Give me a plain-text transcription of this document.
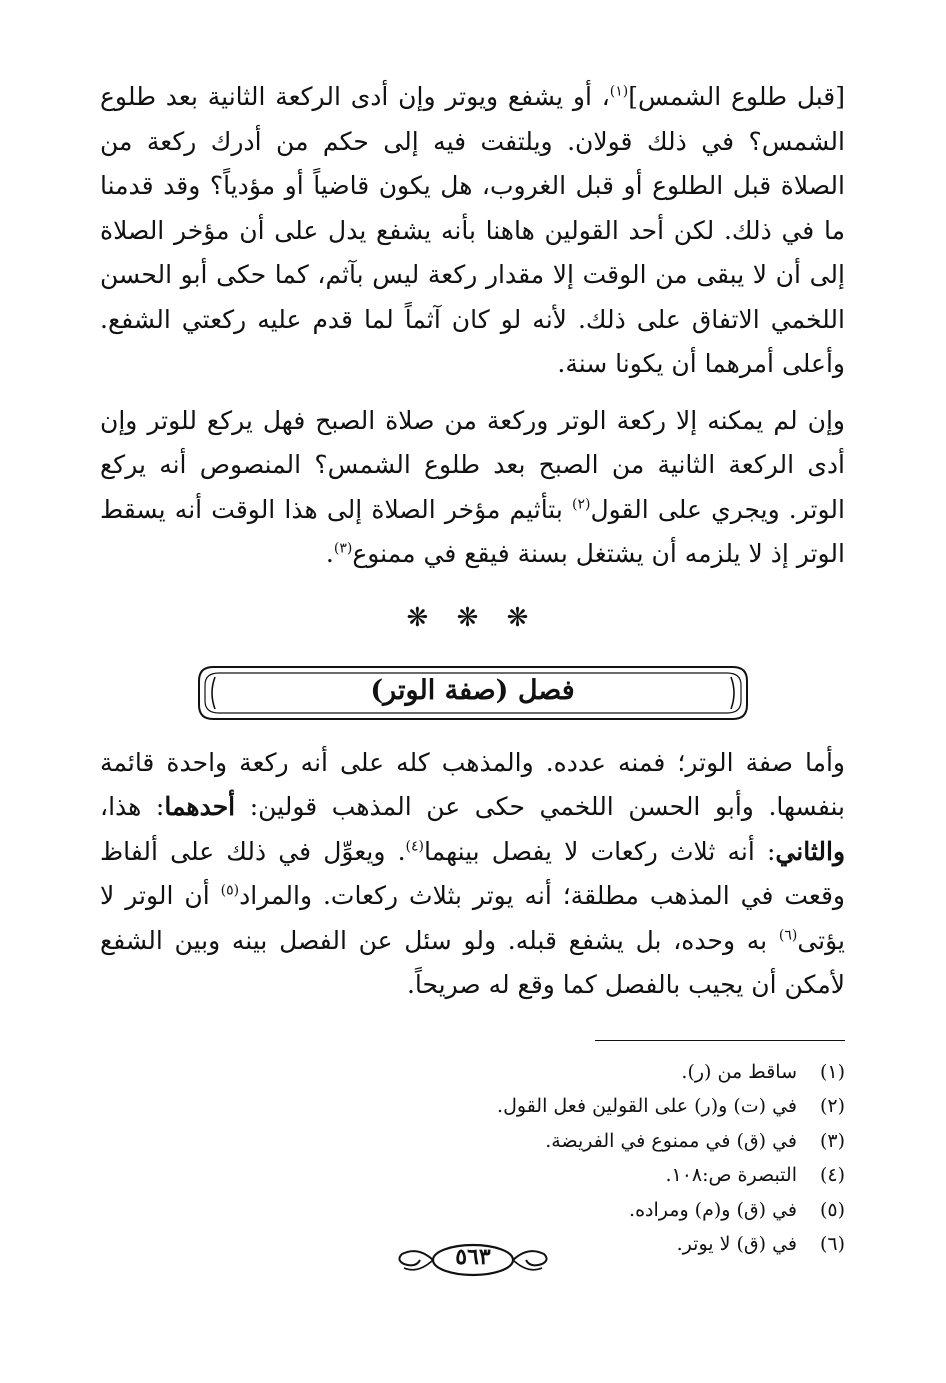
[قبل طلوع الشمس]$^{(١)}$، أو يشفع ويوتر وإن أدى الركعة الثانية بعد طلوع الشمس؟ في ذلك قولان. ويلتفت فيه إلى حكم من أدرك ركعة من الصلاة قبل الطلوع أو قبل الغروب، هل يكون قاضياً أو مؤدياً؟ وقد قدمنا ما في ذلك. لكن أحد القولين هاهنا بأنه يشفع يدل على أن مؤخر الصلاة إلى أن لا يبقى من الوقت إلا مقدار ركعة ليس بآثم، كما حكى أبو الحسن اللخمي الاتفاق على ذلك. لأنه لو كان آثماً لما قدم عليه ركعتي الشفع. وأعلى أمرهما أن يكونا سنة.

وإن لم يمكنه إلا ركعة الوتر وركعة من صلاة الصبح فهل يركع للوتر وإن أدى الركعة الثانية من الصبح بعد طلوع الشمس؟ المنصوص أنه يركع الوتر. ويجري على القول$^{(٢)}$ بتأثيم مؤخر الصلاة إلى هذا الوقت أنه يسقط الوتر إذ لا يلزمه أن يشتغل بسنة فيقع في ممنوع$^{(٣)}$.

❋ ❋ ❋
فصل (صفة الوتر)

وأما صفة الوتر؛ فمنه عدده. والمذهب كله على أنه ركعة واحدة قائمة بنفسها. وأبو الحسن اللخمي حكى عن المذهب قولين: أحدهما: هذا، والثاني: أنه ثلاث ركعات لا يفصل بينهما$^{(٤)}$. ويعوِّل في ذلك على ألفاظ وقعت في المذهب مطلقة؛ أنه يوتر بثلاث ركعات. والمراد$^{(٥)}$ أن الوتر لا يؤتى$^{(٦)}$ به وحده، بل يشفع قبله. ولو سئل عن الفصل بينه وبين الشفع لأمكن أن يجيب بالفصل كما وقع له صريحاً.

(١)
ساقط من (ر).
(٢)
في (ت) و(ر) على القولين فعل القول.
(٣)
في (ق) في ممنوع في الفريضة.
(٤)
التبصرة ص:١٠٨.
(٥)
في (ق) و(م) ومراده.
(٦)
في (ق) لا يوتر.
٥٦٣
